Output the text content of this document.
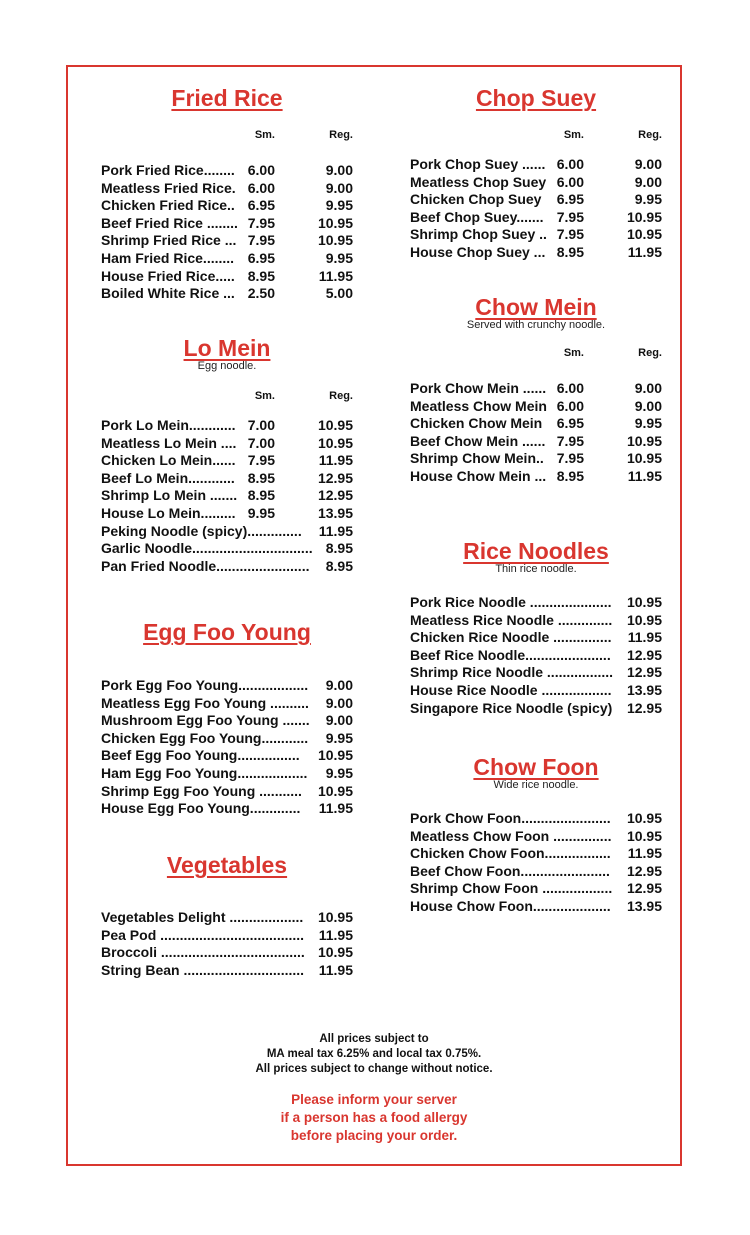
Fried Rice
Sm.	Reg.
Pork Fried Rice........ 6.00	9.00
Meatless Fried Rice. 6.00	9.00
Chicken Fried Rice.. 6.95	9.95
Beef Fried Rice ........ 7.95	10.95
Shrimp Fried Rice ... 7.95	10.95
Ham Fried Rice........ 6.95	9.95
House Fried Rice..... 8.95	11.95
Boiled White Rice ... 2.50	5.00
Lo Mein
Egg noodle.
Sm.	Reg.
Pork Lo Mein............ 7.00	10.95
Meatless Lo Mein .... 7.00	10.95
Chicken Lo Mein...... 7.95	11.95
Beef Lo Mein............ 8.95	12.95
Shrimp Lo Mein ....... 8.95	12.95
House Lo Mein......... 9.95	13.95
Peking Noodle (spicy).............. 11.95
Garlic Noodle............................... 8.95
Pan Fried Noodle........................ 8.95
Egg Foo Young
Pork Egg Foo Young.................. 9.00
Meatless Egg Foo Young .......... 9.00
Mushroom Egg Foo Young ....... 9.00
Chicken Egg Foo Young............ 9.95
Beef Egg Foo Young................ 10.95
Ham Egg Foo Young.................. 9.95
Shrimp Egg Foo Young ........... 10.95
House Egg Foo Young............. 11.95
Vegetables
Vegetables Delight ................... 10.95
Pea Pod ..................................... 11.95
Broccoli ..................................... 10.95
String Bean ............................... 11.95
Chop Suey
Sm.	Reg.
Pork Chop Suey ...... 6.00	9.00
Meatless Chop Suey 6.00	9.00
Chicken Chop Suey 6.95	9.95
Beef Chop Suey....... 7.95	10.95
Shrimp Chop Suey .. 7.95	10.95
House Chop Suey ... 8.95	11.95
Chow Mein
Served with crunchy noodle.
Sm.	Reg.
Pork Chow Mein ...... 6.00	9.00
Meatless Chow Mein 6.00	9.00
Chicken Chow Mein 6.95	9.95
Beef Chow Mein ...... 7.95	10.95
Shrimp Chow Mein.. 7.95	10.95
House Chow Mein ... 8.95	11.95
Rice Noodles
Thin rice noodle.
Pork Rice Noodle ..................... 10.95
Meatless Rice Noodle .............. 10.95
Chicken Rice Noodle ............... 11.95
Beef Rice Noodle...................... 12.95
Shrimp Rice Noodle ................. 12.95
House Rice Noodle .................. 13.95
Singapore Rice Noodle (spicy) 12.95
Chow Foon
Wide rice noodle.
Pork Chow Foon....................... 10.95
Meatless Chow Foon ............... 10.95
Chicken Chow Foon................. 11.95
Beef Chow Foon....................... 12.95
Shrimp Chow Foon .................. 12.95
House Chow Foon.................... 13.95
All prices subject to
MA meal tax 6.25% and local tax 0.75%.
All prices subject to change without notice.
Please inform your server
if a person has a food allergy
before placing your order.
